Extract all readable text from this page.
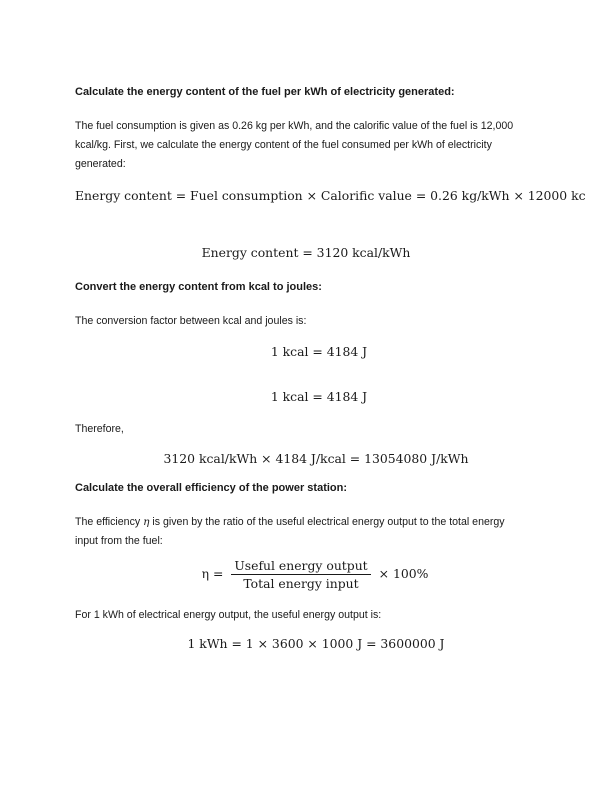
Calculate the energy content of the fuel per kWh of electricity generated:
The fuel consumption is given as 0.26 kg per kWh, and the calorific value of the fuel is 12,000
kcal/kg. First, we calculate the energy content of the fuel consumed per kWh of electricity
generated:
Energy content = Fuel consumption × Calorific value = 0.26 kg/kWh × 12000 kc
Energy content = 3120 kcal/kWh
Convert the energy content from kcal to joules:
The conversion factor between kcal and joules is:
1 kcal = 4184 J
1 kcal = 4184 J
Therefore,
3120 kcal/kWh × 4184 J/kcal = 13054080 J/kWh
Calculate the overall efficiency of the power station:
The efficiency η is given by the ratio of the useful electrical energy output to the total energy
input from the fuel:
$\eta = \frac{\text{Useful energy output}}{\text{Total energy input}} \times 100\%$
For 1 kWh of electrical energy output, the useful energy output is:
1 kWh = 1 × 3600 × 1000 J = 3600000 J
